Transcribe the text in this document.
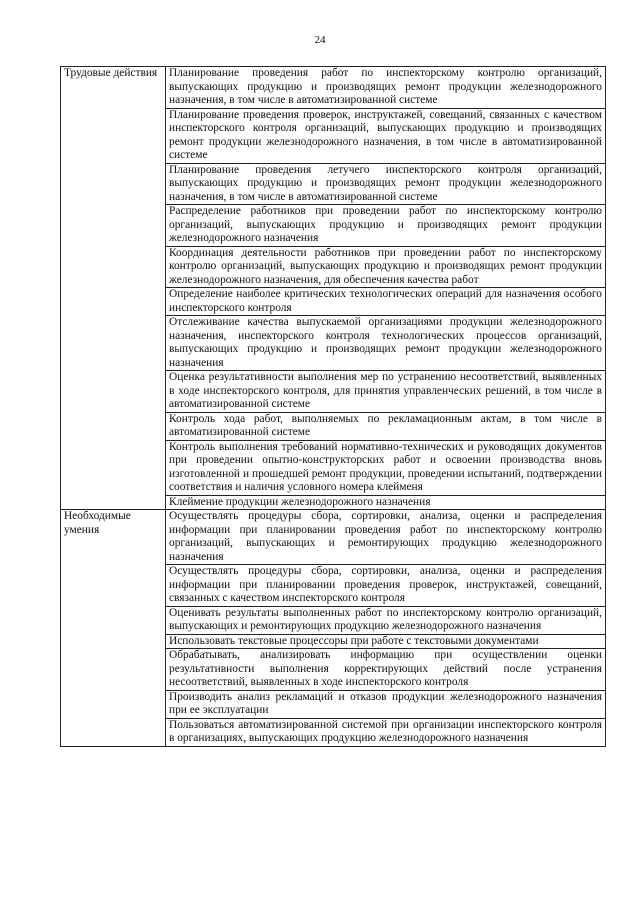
24
Трудовые действия	Планирование проведения работ по инспекторскому контролю организаций, выпускающих продукцию и производящих ремонт продукции железнодорожного назначения, в том числе в автоматизированной системе
	Планирование проведения проверок, инструктажей, совещаний, связанных с качеством инспекторского контроля организаций, выпускающих продукцию и производящих ремонт продукции железнодорожного назначения, в том числе в автоматизированной системе
	Планирование проведения летучего инспекторского контроля организаций, выпускающих продукцию и производящих ремонт продукции железнодорожного назначения, в том числе в автоматизированной системе
	Распределение работников при проведении работ по инспекторскому контролю организаций, выпускающих продукцию и производящих ремонт продукции железнодорожного назначения
	Координация деятельности работников при проведении работ по инспекторскому контролю организаций, выпускающих продукцию и производящих ремонт продукции железнодорожного назначения, для обеспечения качества работ
	Определение наиболее критических технологических операций для назначения особого инспекторского контроля
	Отслеживание качества выпускаемой организациями продукции железнодорожного назначения, инспекторского контроля технологических процессов организаций, выпускающих продукцию и производящих ремонт продукции железнодорожного назначения
	Оценка результативности выполнения мер по устранению несоответствий, выявленных в ходе инспекторского контроля, для принятия управленческих решений, в том числе в автоматизированной системе
	Контроль хода работ, выполняемых по рекламационным актам, в том числе в автоматизированной системе
	Контроль выполнения требований нормативно-технических и руководящих документов при проведении опытно-конструкторских работ и освоении производства вновь изготовленной и прошедшей ремонт продукции, проведении испытаний, подтверждении соответствия и наличия условного номера клейменя
	Клеймение продукции железнодорожного назначения
Необходимые умения	Осуществлять процедуры сбора, сортировки, анализа, оценки и распределения информации при планировании проведения работ по инспекторскому контролю организаций, выпускающих и ремонтирующих продукцию железнодорожного назначения
	Осуществлять процедуры сбора, сортировки, анализа, оценки и распределения информации при планировании проведения проверок, инструктажей, совещаний, связанных с качеством инспекторского контроля
	Оценивать результаты выполненных работ по инспекторскому контролю организаций, выпускающих и ремонтирующих продукцию железнодорожного назначения
	Использовать текстовые процессоры при работе с текстовыми документами
	Обрабатывать, анализировать информацию при осуществлении оценки результативности выполнения корректирующих действий после устранения несоответствий, выявленных в ходе инспекторского контроля
	Производить анализ рекламаций и отказов продукции железнодорожного назначения при ее эксплуатации
	Пользоваться автоматизированной системой при организации инспекторского контроля в организациях, выпускающих продукцию железнодорожного назначения
